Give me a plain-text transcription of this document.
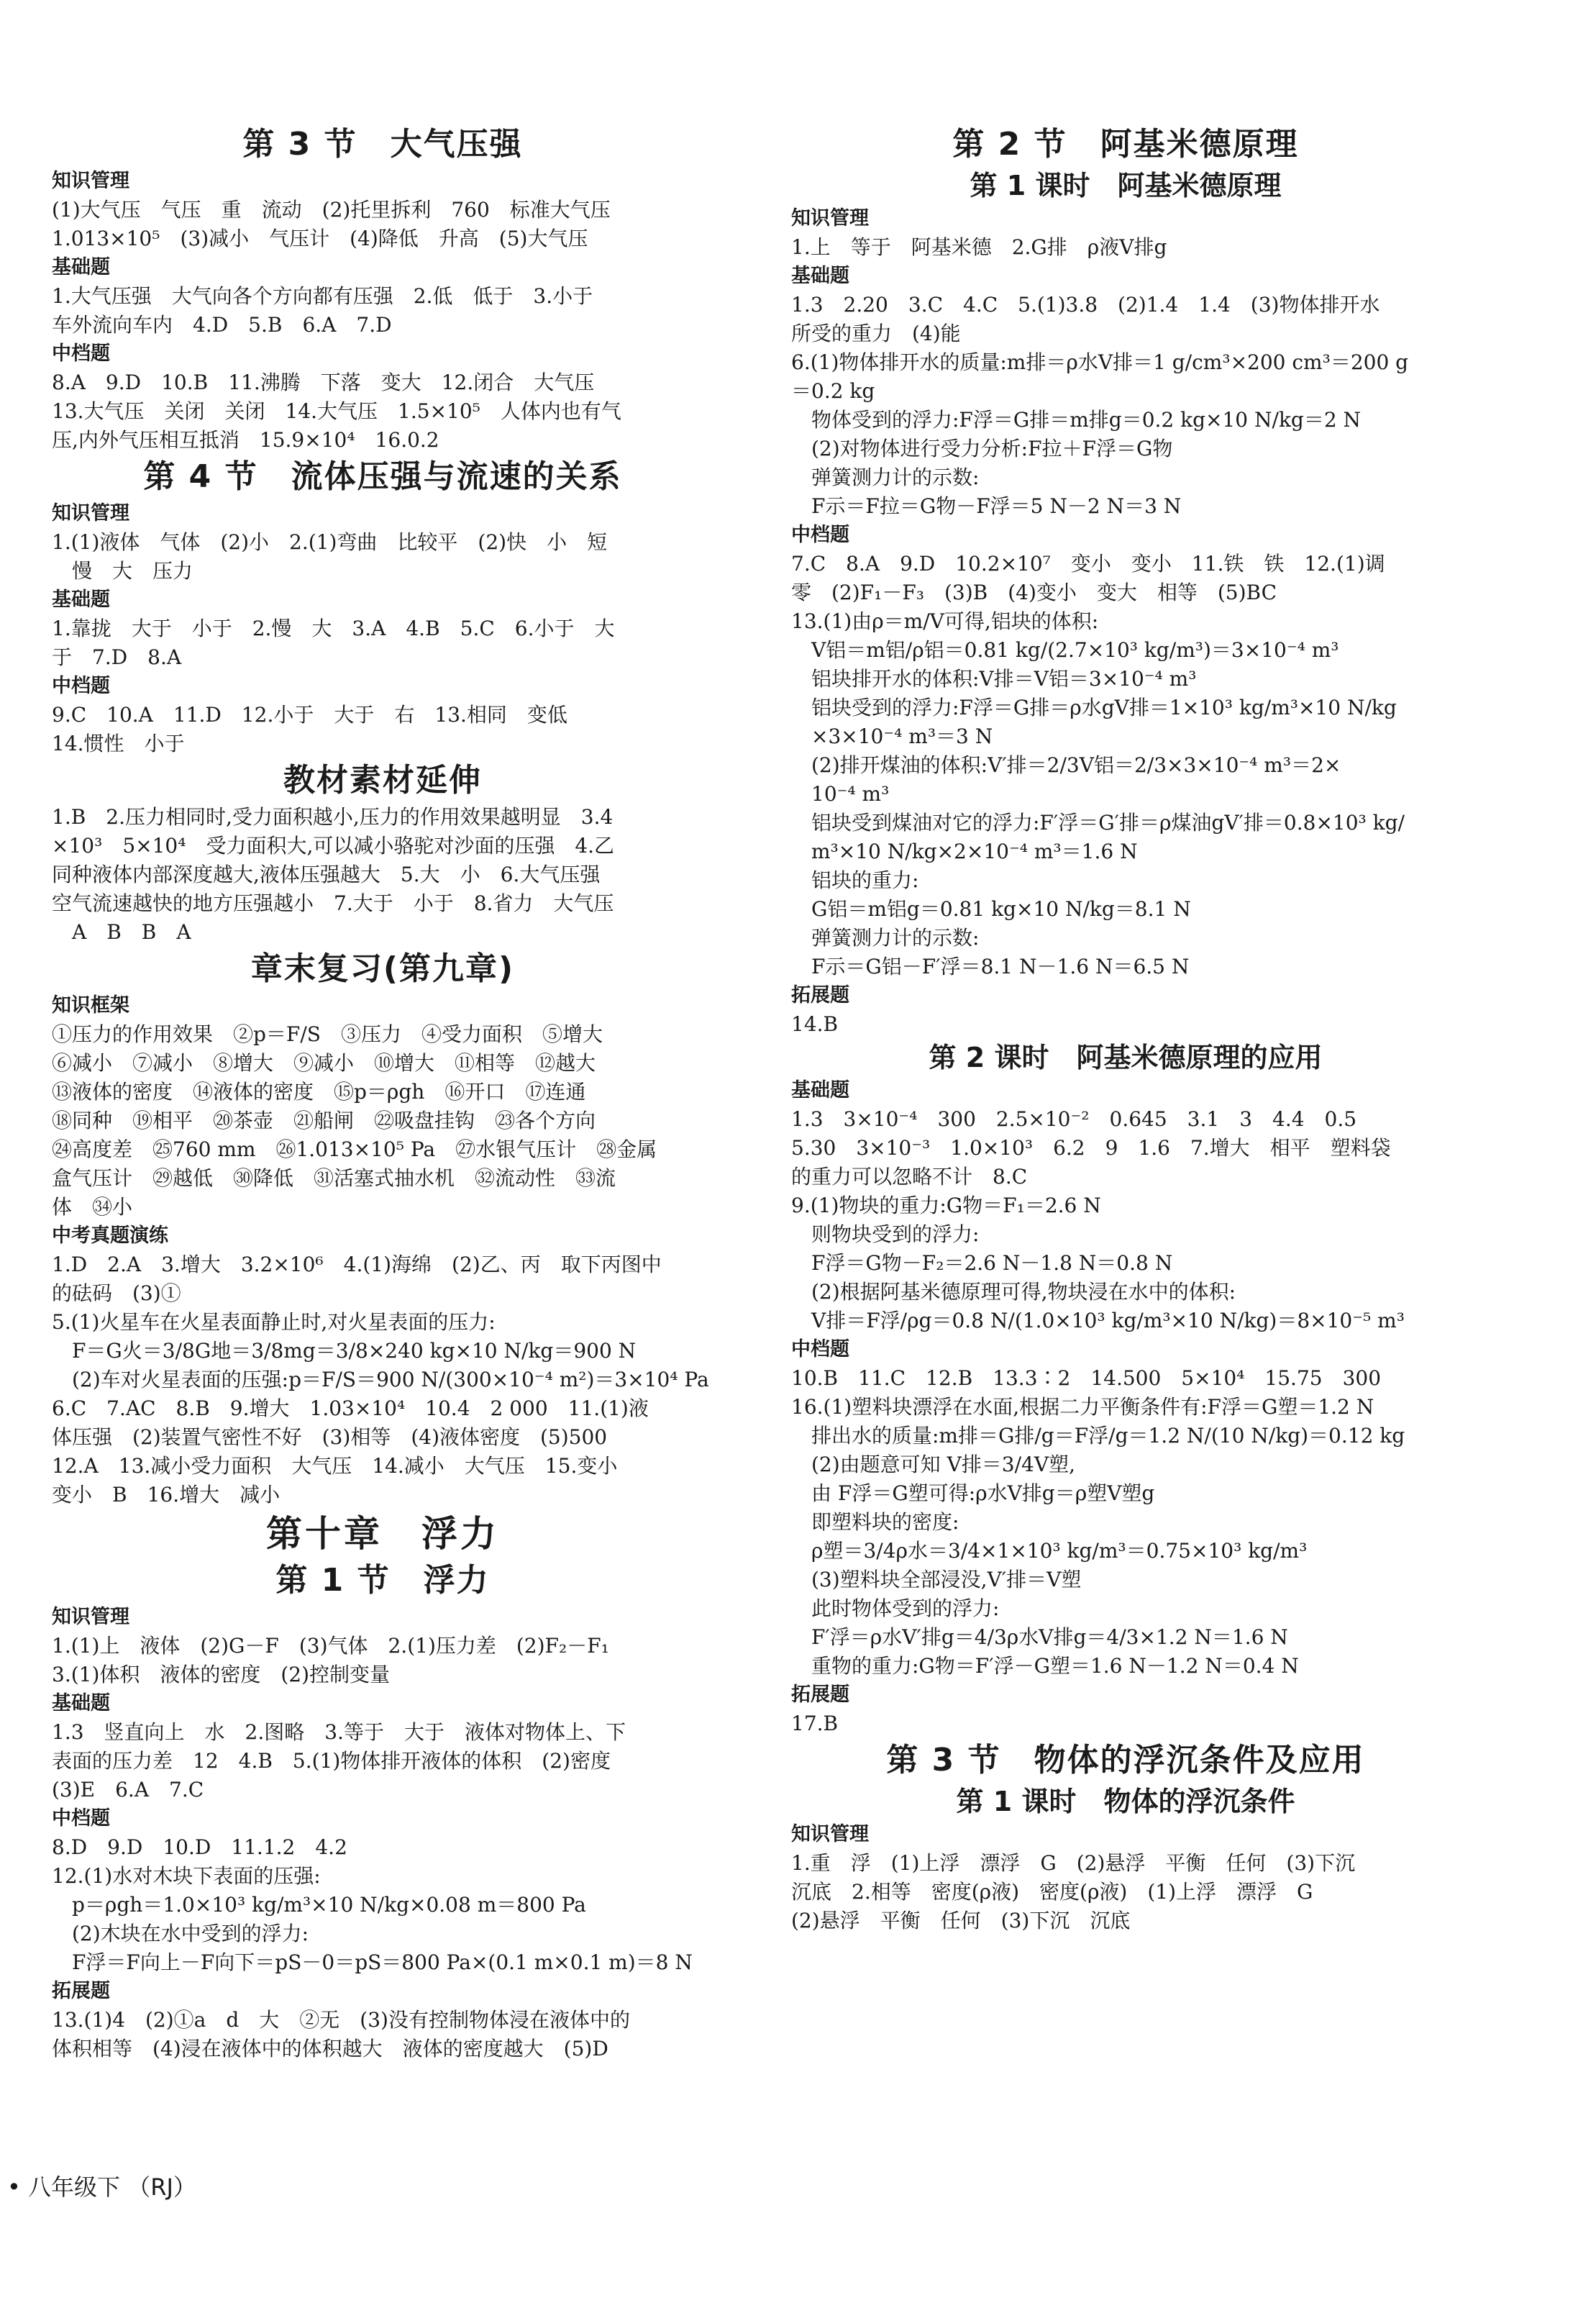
第 3 节　大气压强
知识管理
(1)大气压　气压　重　流动　(2)托里拆利　760　标准大气压
1.013×10⁵　(3)减小　气压计　(4)降低　升高　(5)大气压
基础题
1.大气压强　大气向各个方向都有压强　2.低　低于　3.小于
车外流向车内　4.D　5.B　6.A　7.D
中档题
8.A　9.D　10.B　11.沸腾　下落　变大　12.闭合　大气压
13.大气压　关闭　关闭　14.大气压　1.5×10⁵　人体内也有气
压,内外气压相互抵消　15.9×10⁴　16.0.2
第 4 节　流体压强与流速的关系
知识管理
1.(1)液体　气体　(2)小　2.(1)弯曲　比较平　(2)快　小　短
　慢　大　压力
基础题
1.靠拢　大于　小于　2.慢　大　3.A　4.B　5.C　6.小于　大
于　7.D　8.A
中档题
9.C　10.A　11.D　12.小于　大于　右　13.相同　变低
14.惯性　小于
教材素材延伸
1.B　2.压力相同时,受力面积越小,压力的作用效果越明显　3.4
×10³　5×10⁴　受力面积大,可以减小骆驼对沙面的压强　4.乙
同种液体内部深度越大,液体压强越大　5.大　小　6.大气压强
空气流速越快的地方压强越小　7.大于　小于　8.省力　大气压
　A　B　B　A
章末复习(第九章)
知识框架
①压力的作用效果　②p＝F/S　③压力　④受力面积　⑤增大
⑥减小　⑦减小　⑧增大　⑨减小　⑩增大　⑪相等　⑫越大
⑬液体的密度　⑭液体的密度　⑮p＝ρgh　⑯开口　⑰连通
⑱同种　⑲相平　⑳茶壶　㉑船闸　㉒吸盘挂钩　㉓各个方向
㉔高度差　㉕760 mm　㉖1.013×10⁵ Pa　㉗水银气压计　㉘金属
盒气压计　㉙越低　㉚降低　㉛活塞式抽水机　㉜流动性　㉝流
体　㉞小
中考真题演练
1.D　2.A　3.增大　3.2×10⁶　4.(1)海绵　(2)乙、丙　取下丙图中
的砝码　(3)①
5.(1)火星车在火星表面静止时,对火星表面的压力:
　F＝G火＝3/8G地＝3/8mg＝3/8×240 kg×10 N/kg＝900 N
　(2)车对火星表面的压强:p＝F/S＝900 N/(300×10⁻⁴ m²)＝3×10⁴ Pa
6.C　7.AC　8.B　9.增大　1.03×10⁴　10.4　2 000　11.(1)液
体压强　(2)装置气密性不好　(3)相等　(4)液体密度　(5)500
12.A　13.减小受力面积　大气压　14.减小　大气压　15.变小
变小　B　16.增大　减小
第十章　浮力
第 1 节　浮力
知识管理
1.(1)上　液体　(2)G－F　(3)气体　2.(1)压力差　(2)F₂－F₁
3.(1)体积　液体的密度　(2)控制变量
基础题
1.3　竖直向上　水　2.图略　3.等于　大于　液体对物体上、下
表面的压力差　12　4.B　5.(1)物体排开液体的体积　(2)密度
(3)E　6.A　7.C
中档题
8.D　9.D　10.D　11.1.2　4.2
12.(1)水对木块下表面的压强:
　p＝ρgh＝1.0×10³ kg/m³×10 N/kg×0.08 m＝800 Pa
　(2)木块在水中受到的浮力:
　F浮＝F向上－F向下＝pS－0＝pS＝800 Pa×(0.1 m×0.1 m)＝8 N
拓展题
13.(1)4　(2)①a　d　大　②无　(3)没有控制物体浸在液体中的
体积相等　(4)浸在液体中的体积越大　液体的密度越大　(5)D
第 2 节　阿基米德原理
第 1 课时　阿基米德原理
知识管理
1.上　等于　阿基米德　2.G排　ρ液V排g
基础题
1.3　2.20　3.C　4.C　5.(1)3.8　(2)1.4　1.4　(3)物体排开水
所受的重力　(4)能
6.(1)物体排开水的质量:m排＝ρ水V排＝1 g/cm³×200 cm³＝200 g
＝0.2 kg
　物体受到的浮力:F浮＝G排＝m排g＝0.2 kg×10 N/kg＝2 N
　(2)对物体进行受力分析:F拉＋F浮＝G物
　弹簧测力计的示数:
　F示＝F拉＝G物－F浮＝5 N－2 N＝3 N
中档题
7.C　8.A　9.D　10.2×10⁷　变小　变小　11.铁　铁　12.(1)调
零　(2)F₁－F₃　(3)B　(4)变小　变大　相等　(5)BC
13.(1)由ρ＝m/V可得,铝块的体积:
　V铝＝m铝/ρ铝＝0.81 kg/(2.7×10³ kg/m³)＝3×10⁻⁴ m³
　铝块排开水的体积:V排＝V铝＝3×10⁻⁴ m³
　铝块受到的浮力:F浮＝G排＝ρ水gV排＝1×10³ kg/m³×10 N/kg
　×3×10⁻⁴ m³＝3 N
　(2)排开煤油的体积:V′排＝2/3V铝＝2/3×3×10⁻⁴ m³＝2×
　10⁻⁴ m³
　铝块受到煤油对它的浮力:F′浮＝G′排＝ρ煤油gV′排＝0.8×10³ kg/
　m³×10 N/kg×2×10⁻⁴ m³＝1.6 N
　铝块的重力:
　G铝＝m铝g＝0.81 kg×10 N/kg＝8.1 N
　弹簧测力计的示数:
　F示＝G铝－F′浮＝8.1 N－1.6 N＝6.5 N
拓展题
14.B
第 2 课时　阿基米德原理的应用
基础题
1.3　3×10⁻⁴　300　2.5×10⁻²　0.645　3.1　3　4.4　0.5
5.30　3×10⁻³　1.0×10³　6.2　9　1.6　7.增大　相平　塑料袋
的重力可以忽略不计　8.C
9.(1)物块的重力:G物＝F₁＝2.6 N
　则物块受到的浮力:
　F浮＝G物－F₂＝2.6 N－1.8 N＝0.8 N
　(2)根据阿基米德原理可得,物块浸在水中的体积:
　V排＝F浮/ρg＝0.8 N/(1.0×10³ kg/m³×10 N/kg)＝8×10⁻⁵ m³
中档题
10.B　11.C　12.B　13.3∶2　14.500　5×10⁴　15.75　300
16.(1)塑料块漂浮在水面,根据二力平衡条件有:F浮＝G塑＝1.2 N
　排出水的质量:m排＝G排/g＝F浮/g＝1.2 N/(10 N/kg)＝0.12 kg
　(2)由题意可知 V排＝3/4V塑,
　由 F浮＝G塑可得:ρ水V排g＝ρ塑V塑g
　即塑料块的密度:
　ρ塑＝3/4ρ水＝3/4×1×10³ kg/m³＝0.75×10³ kg/m³
　(3)塑料块全部浸没,V′排＝V塑
　此时物体受到的浮力:
　F′浮＝ρ水V′排g＝4/3ρ水V排g＝4/3×1.2 N＝1.6 N
　重物的重力:G物＝F′浮－G塑＝1.6 N－1.2 N＝0.4 N
拓展题
17.B
第 3 节　物体的浮沉条件及应用
第 1 课时　物体的浮沉条件
知识管理
1.重　浮　(1)上浮　漂浮　G　(2)悬浮　平衡　任何　(3)下沉
沉底　2.相等　密度(ρ液)　密度(ρ液)　(1)上浮　漂浮　G
(2)悬浮　平衡　任何　(3)下沉　沉底
• 八年级下 （RJ）
